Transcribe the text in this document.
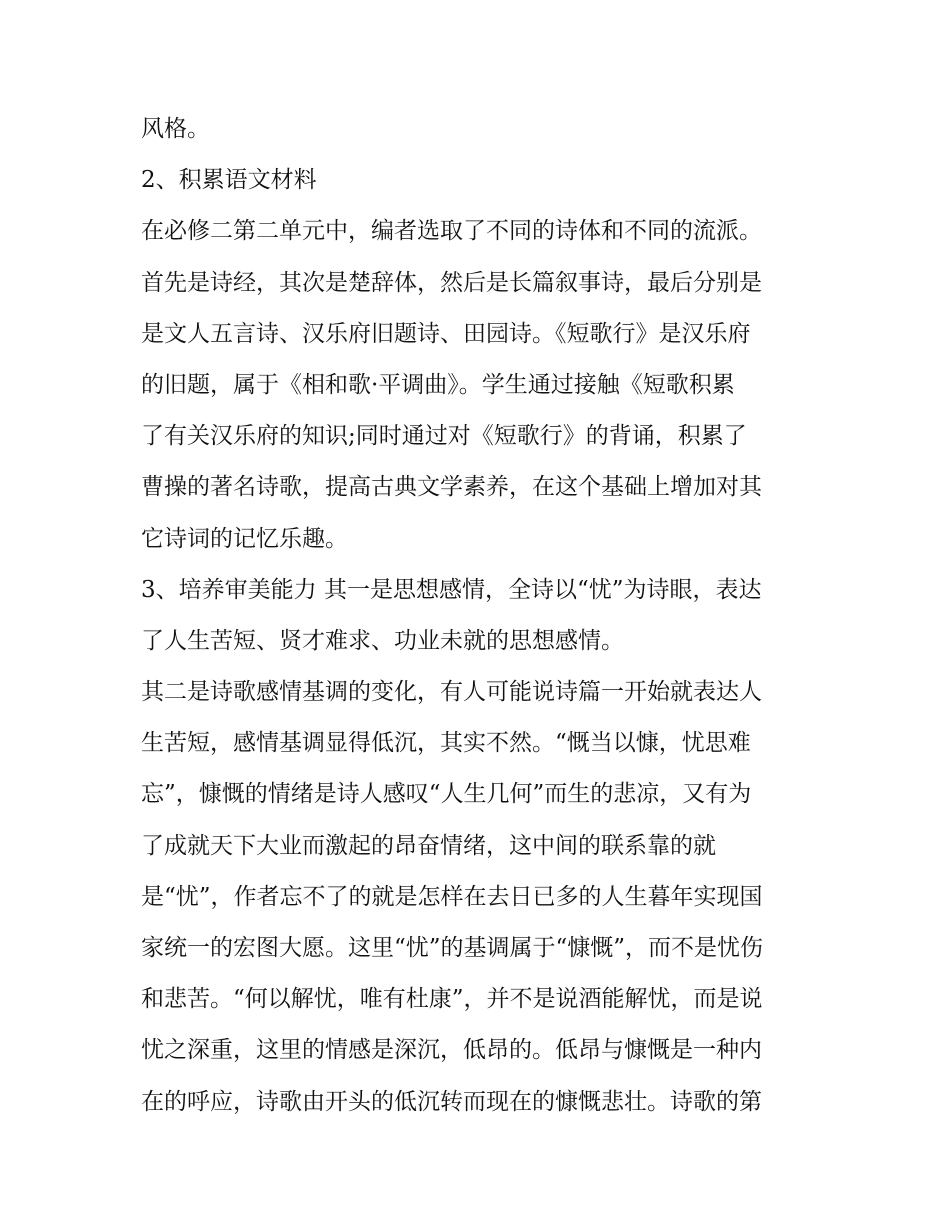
风格。
2、积累语文材料
在必修二第二单元中，编者选取了不同的诗体和不同的流派。
首先是诗经，其次是楚辞体，然后是长篇叙事诗，最后分别是
是文人五言诗、汉乐府旧题诗、田园诗。《短歌行》是汉乐府
的旧题，属于《相和歌·平调曲》。学生通过接触《短歌积累
了有关汉乐府的知识;同时通过对《短歌行》的背诵，积累了
曹操的著名诗歌，提高古典文学素养，在这个基础上增加对其
它诗词的记忆乐趣。
3、培养审美能力 其一是思想感情，全诗以“忧”为诗眼，表达
了人生苦短、贤才难求、功业未就的思想感情。
其二是诗歌感情基调的变化，有人可能说诗篇一开始就表达人
生苦短，感情基调显得低沉，其实不然。“慨当以慷，忧思难
忘”，慷慨的情绪是诗人感叹“人生几何”而生的悲凉，又有为
了成就天下大业而激起的昂奋情绪，这中间的联系靠的就
是“忧”，作者忘不了的就是怎样在去日已多的人生暮年实现国
家统一的宏图大愿。这里“忧”的基调属于“慷慨”，而不是忧伤
和悲苦。“何以解忧，唯有杜康”，并不是说酒能解忧，而是说
忧之深重，这里的情感是深沉，低昂的。低昂与慷慨是一种内
在的呼应，诗歌由开头的低沉转而现在的慷慨悲壮。诗歌的第
